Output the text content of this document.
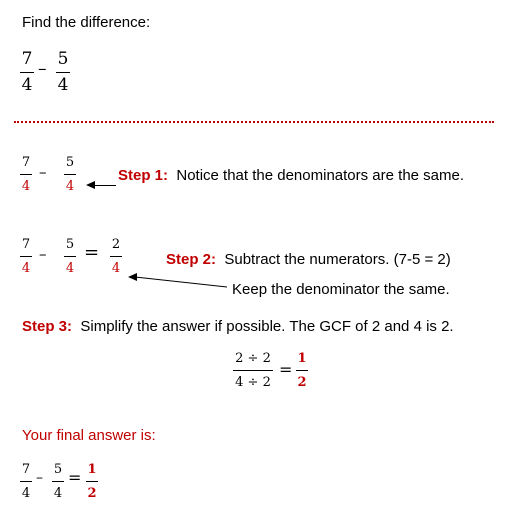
Find the difference:
7
4
– 5
4
7
4
–
5
4
Step 1: Notice that the denominators are the same.
7
4
–
5
4
= 2
4
Step 2: Subtract the numerators. (7-5 = 2)
Keep the denominator the same.
Step 3: Simplify the answer if possible. The GCF of 2 and 4 is 2.
2 ÷ 2
4 ÷ 2
=
1
2
Your final answer is:
7
4
–
5
4
= 1
2
